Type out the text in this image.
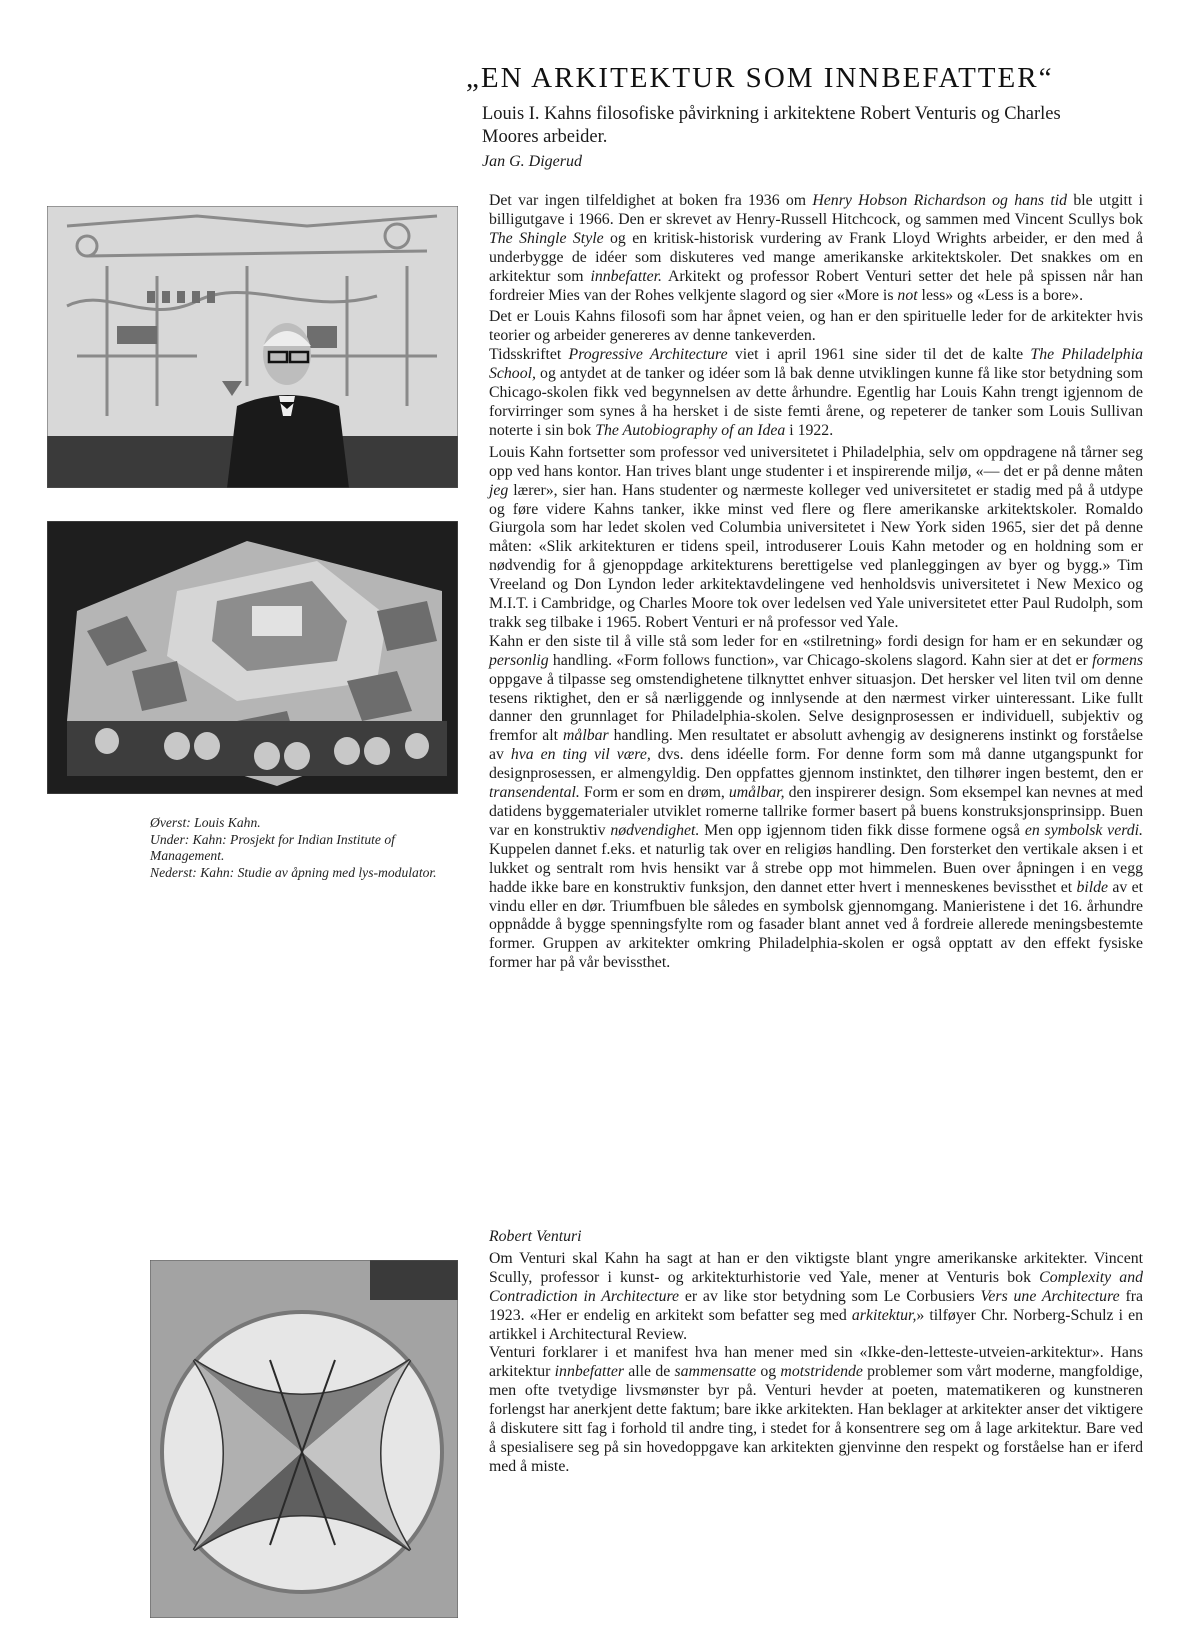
„EN ARKITEKTUR SOM INNBEFATTER“
Louis I. Kahns filosofiske påvirkning i arkitektene Robert Venturis og Charles Moores arbeider.
Jan G. Digerud

Øverst: Louis Kahn.

Under: Kahn: Prosjekt for Indian Institute of Management.

Nederst: Kahn: Studie av åpning med lys-modulator.

Det var ingen tilfeldighet at boken fra 1936 om Henry Hobson Richardson og hans tid ble utgitt i billigutgave i 1966. Den er skrevet av Henry-Russell Hitchcock, og sammen med Vincent Scullys bok The Shingle Style og en kritisk-historisk vurdering av Frank Lloyd Wrights arbeider, er den med å underbygge de idéer som diskuteres ved mange amerikanske arkitektskoler. Det snakkes om en arkitektur som innbefatter. Arkitekt og professor Robert Venturi setter det hele på spissen når han fordreier Mies van der Rohes velkjente slagord og sier «More is not less» og «Less is a bore».

Det er Louis Kahns filosofi som har åpnet veien, og han er den spirituelle leder for de arkitekter hvis teorier og arbeider genereres av denne tankeverden.

Tidsskriftet Progressive Architecture viet i april 1961 sine sider til det de kalte The Philadelphia School, og antydet at de tanker og idéer som lå bak denne utviklingen kunne få like stor betydning som Chicago-skolen fikk ved begynnelsen av dette århundre. Egentlig har Louis Kahn trengt igjennom de forvirringer som synes å ha hersket i de siste femti årene, og repeterer de tanker som Louis Sullivan noterte i sin bok The Autobiography of an Idea i 1922.

Louis Kahn fortsetter som professor ved universitetet i Philadelphia, selv om oppdragene nå tårner seg opp ved hans kontor. Han trives blant unge studenter i et inspirerende miljø, «— det er på denne måten jeg lærer», sier han. Hans studenter og nærmeste kolleger ved universitetet er stadig med på å utdype og føre videre Kahns tanker, ikke minst ved flere og flere amerikanske arkitektskoler. Romaldo Giurgola som har ledet skolen ved Columbia universitetet i New York siden 1965, sier det på denne måten: «Slik arkitekturen er tidens speil, introduserer Louis Kahn metoder og en holdning som er nødvendig for å gjenoppdage arkitekturens berettigelse ved planleggingen av byer og bygg.» Tim Vreeland og Don Lyndon leder arkitektavdelingene ved henholdsvis universitetet i New Mexico og M.I.T. i Cambridge, og Charles Moore tok over ledelsen ved Yale universitetet etter Paul Rudolph, som trakk seg tilbake i 1965. Robert Venturi er nå professor ved Yale.

Kahn er den siste til å ville stå som leder for en «stilretning» fordi design for ham er en sekundær og personlig handling. «Form follows function», var Chicago-skolens slagord. Kahn sier at det er formens oppgave å tilpasse seg omstendighetene tilknyttet enhver situasjon. Det hersker vel liten tvil om denne tesens riktighet, den er så nærliggende og innlysende at den nærmest virker uinteressant. Like fullt danner den grunnlaget for Philadelphia-skolen. Selve designprosessen er individuell, subjektiv og fremfor alt målbar handling. Men resultatet er absolutt avhengig av designerens instinkt og forståelse av hva en ting vil være, dvs. dens idéelle form. For denne form som må danne utgangspunkt for designprosessen, er almengyldig. Den oppfattes gjennom instinktet, den tilhører ingen bestemt, den er transendental. Form er som en drøm, umålbar, den inspirerer design. Som eksempel kan nevnes at med datidens byggematerialer utviklet romerne tallrike former basert på buens konstruksjonsprinsipp. Buen var en konstruktiv nødvendighet. Men opp igjennom tiden fikk disse formene også en symbolsk verdi. Kuppelen dannet f.eks. et naturlig tak over en religiøs handling. Den forsterket den vertikale aksen i et lukket og sentralt rom hvis hensikt var å strebe opp mot himmelen. Buen over åpningen i en vegg hadde ikke bare en konstruktiv funksjon, den dannet etter hvert i menneskenes bevissthet et bilde av et vindu eller en dør. Triumfbuen ble således en symbolsk gjennomgang. Manieristene i det 16. århundre oppnådde å bygge spenningsfylte rom og fasader blant annet ved å fordreie allerede meningsbestemte former. Gruppen av arkitekter omkring Philadelphia-skolen er også opptatt av den effekt fysiske former har på vår bevissthet.

Robert Venturi

Om Venturi skal Kahn ha sagt at han er den viktigste blant yngre amerikanske arkitekter. Vincent Scully, professor i kunst- og arkitekturhistorie ved Yale, mener at Venturis bok Complexity and Contradiction in Architecture er av like stor betydning som Le Corbusiers Vers une Architecture fra 1923. «Her er endelig en arkitekt som befatter seg med arkitektur,» tilføyer Chr. Norberg-Schulz i en artikkel i Architectural Review.

Venturi forklarer i et manifest hva han mener med sin «Ikke-den-letteste-utveien-arkitektur». Hans arkitektur innbefatter alle de sammensatte og motstridende problemer som vårt moderne, mangfoldige, men ofte tvetydige livsmønster byr på. Venturi hevder at poeten, matematikeren og kunstneren forlengst har anerkjent dette faktum; bare ikke arkitekten. Han beklager at arkitekter anser det viktigere å diskutere sitt fag i forhold til andre ting, i stedet for å konsentrere seg om å lage arkitektur. Bare ved å spesialisere seg på sin hovedoppgave kan arkitekten gjenvinne den respekt og forståelse han er iferd med å miste.
